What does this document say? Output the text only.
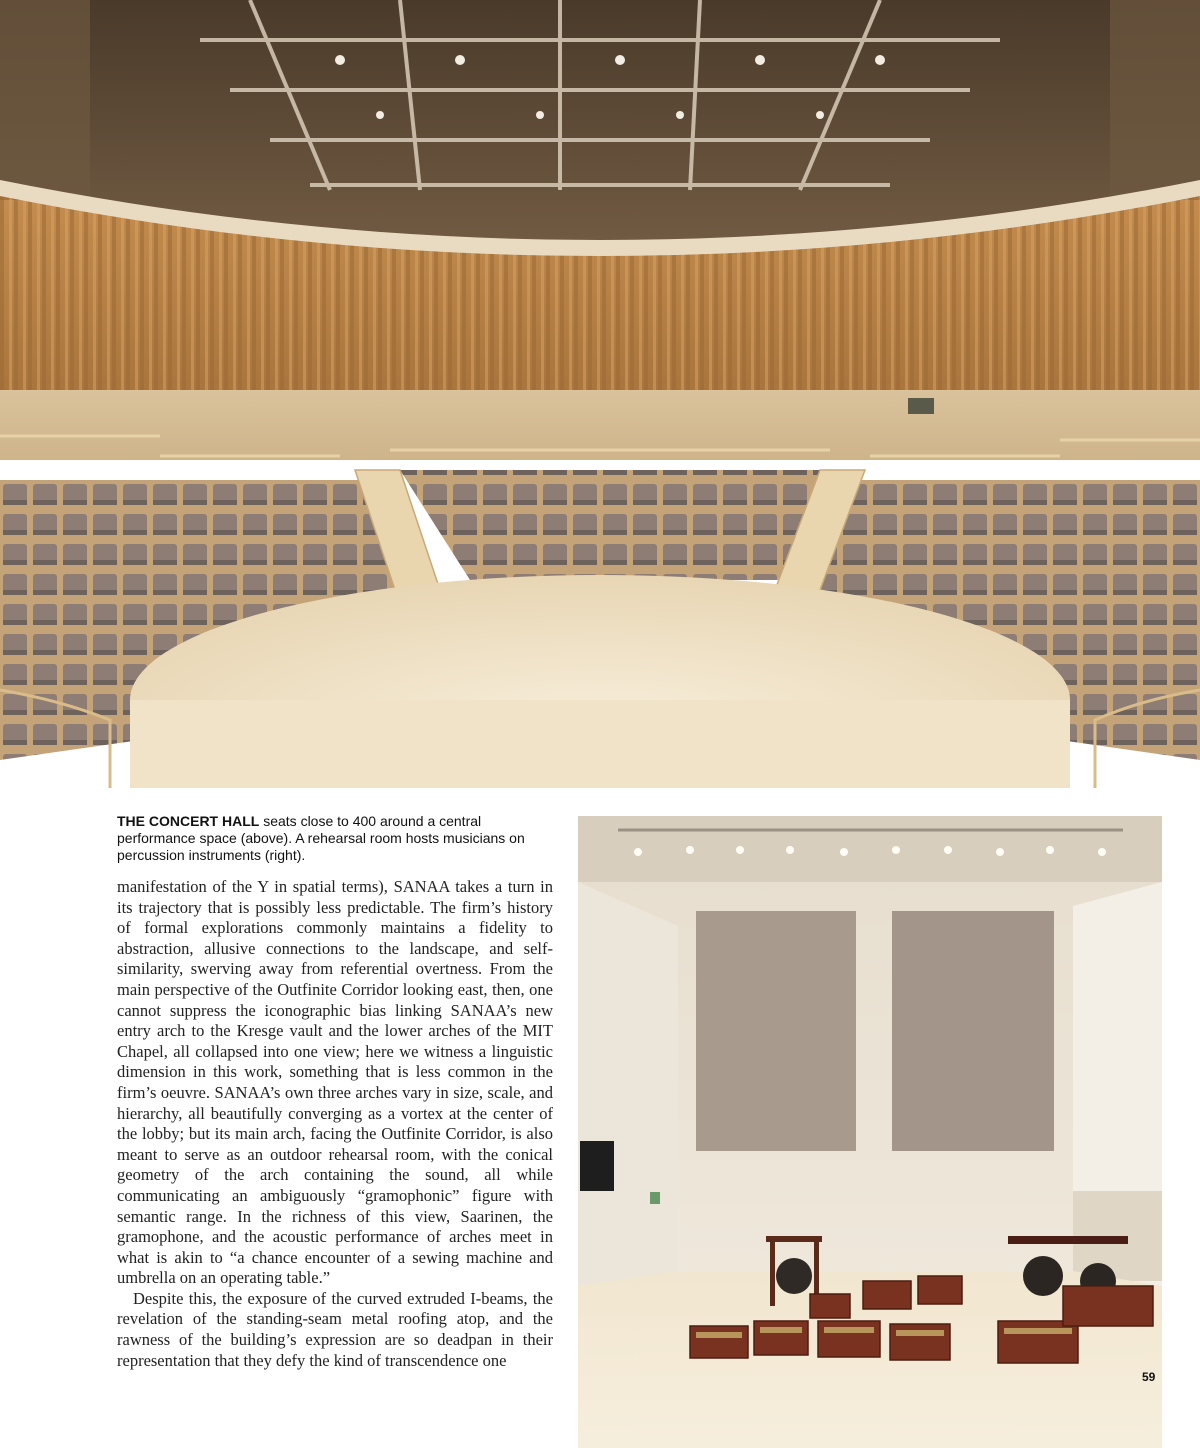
THE CONCERT HALL seats close to 400 around a central performance space (above). A rehearsal room hosts musicians on percussion instruments (right).

manifestation of the Y in spatial terms), SANAA takes a turn in its trajectory that is possibly less predictable. The firm’s history of formal explorations commonly maintains a fidelity to abstraction, allusive connections to the landscape, and self-similarity, swerving away from referential overtness. From the main perspective of the Outfinite Corridor looking east, then, one cannot suppress the iconographic bias linking SANAA’s new entry arch to the Kresge vault and the lower arches of the MIT Chapel, all collapsed into one view; here we witness a linguistic dimension in this work, something that is less common in the firm’s oeuvre. SANAA’s own three arches vary in size, scale, and hierarchy, all beautifully converging as a vortex at the center of the lobby; but its main arch, facing the Outfinite Corridor, is also meant to serve as an outdoor rehearsal room, with the conical geometry of the arch containing the sound, all while communicating an ambiguously “gramophonic” figure with semantic range. In the richness of this view, Saarinen, the gramophone, and the acoustic performance of arches meet in what is akin to “a chance encounter of a sewing machine and umbrella on an operating table.”

Despite this, the exposure of the curved extruded I-beams, the revelation of the standing-seam metal roofing atop, and the rawness of the building’s expression are so deadpan in their representation that they defy the kind of transcendence one

59
